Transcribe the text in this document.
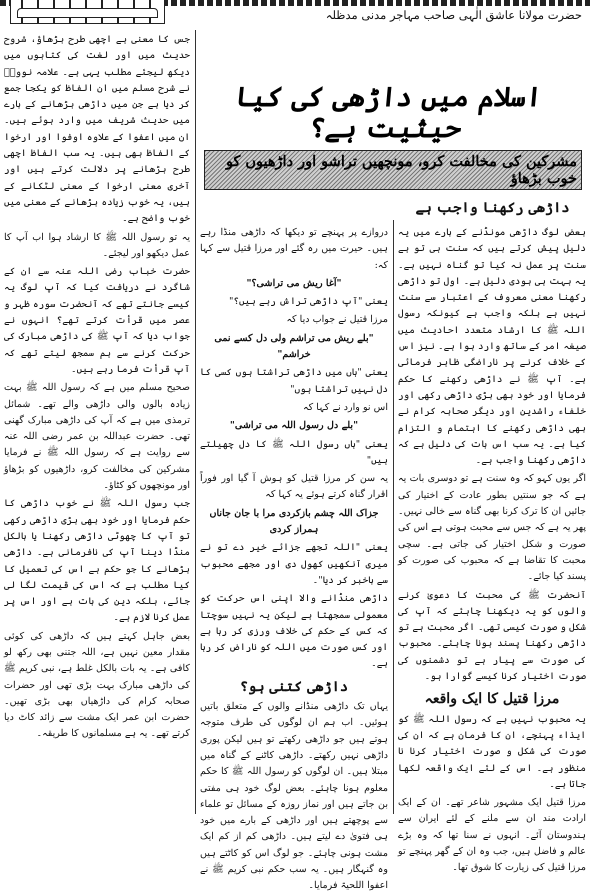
حضرت مولانا عاشق الٰہی صاحب مہاجر مدنی مدظلہ
اسلام میں داڑھی کی کیا حیثیت ہے؟
مشرکین کی مخالفت کرو، مونچھیں تراشو اور داڑھیوں کو خوب بڑھاؤ
داڑھی رکھنا واجب ہے

بعض لوگ داڑھی مونڈنے کے بارے میں یہ دلیل پیش کرتے ہیں کہ سنت ہی تو ہے سنت پر عمل نہ کیا تو گناہ نہیں ہے۔ یہ بہت ہی بودی دلیل ہے۔ اول تو داڑھی رکھنا معنی معروف کے اعتبار سے سنت نہیں ہے بلکہ واجب ہے کیونکہ رسول اللہ ﷺ کا ارشاد متعدد احادیث میں صیغہ امر کے ساتھ وارد ہوا ہے۔ نیز اس کے خلاف کرنے پر ناراضگی ظاہر فرمائی ہے۔ آپ ﷺ نے داڑھی رکھنے کا حکم فرمایا اور خود بھی بڑی داڑھی رکھی اور خلفاء راشدین اور دیگر صحابہ کرام نے بھی داڑھی رکھنے کا اہتمام و التزام کیا ہے۔ یہ سب اس بات کی دلیل ہے کہ داڑھی رکھنا واجب ہے۔

اگر یوں کہو کہ وہ سنت ہے تو دوسری بات یہ ہے کہ جو سنتیں بطور عادت کے اختیار کی جائیں ان کا ترک کرنا بھی گناہ سے خالی نہیں۔ پھر یہ ہے کہ جس سے محبت ہوتی ہے اس کی صورت و شکل اختیار کی جاتی ہے۔ سچی محبت کا تقاضا ہے کہ محبوب کی صورت کو پسند کیا جائے۔

آنحضرت ﷺ کی محبت کا دعویٰ کرنے والوں کو یہ دیکھنا چاہئے کہ آپ کی شکل و صورت کیسی تھی۔ اگر محبت ہے تو داڑھی رکھنا پسند ہونا چاہئے۔ محبوب کی صورت سے پیار ہے تو دشمنوں کی صورت اختیار کرنا کیسے گوارا ہو۔

مرزا قتیل کا ایک واقعہ

یہ محبوب نہیں ہے کہ رسول اللہ ﷺ کو ایذاء پہنچے، ان کا فرمان ہے کہ ان کی صورت کی شکل و صورت اختیار کرنا نا منظور ہے۔ اس کے لئے ایک واقعہ لکھا جاتا ہے۔

مرزا قتیل ایک مشہور شاعر تھے۔ ان کے ایک ارادت مند ان سے ملنے کے لئے ایران سے ہندوستان آئے۔ انہوں نے سنا تھا کہ وہ بڑے عالم و فاضل ہیں، جب وہ ان کے گھر پہنچے تو مرزا قتیل کی زیارت کا شوق تھا۔

دروازے پر پہنچے تو دیکھا کہ داڑھی منڈا رہے ہیں۔ حیرت میں رہ گئے اور مرزا قتیل سے کہا کہ:

"آغا ریش می تراشی؟"

یعنی "آپ داڑھی تراش رہے ہیں؟"

مرزا قتیل نے جواب دیا کہ

"بلے ریش می تراشم ولی دل کسے نمی خراشم"

یعنی "ہاں میں داڑھی تراشتا ہوں کسی کا دل نہیں تراشتا ہوں"

اس نو وارد نے کہا کہ

"بلے دل رسول اللہ می تراشی"

یعنی "ہاں رسول اللہ ﷺ کا دل چھیلتے ہیں"

یہ سن کر مرزا قتیل کو ہوش آ گیا اور فوراً اقرار گناہ کرتے ہوئے یہ کہا کہ

جزاک اللہ چشم بازکردی مرا با جان جاناں ہمراز کردی

یعنی "اللہ تجھے جزائے خیر دے تو نے میری آنکھیں کھول دی اور مجھے محبوب سے باخبر کر دیا"۔

داڑھی منڈانے والا اپنی اس حرکت کو معمولی سمجھتا ہے لیکن یہ نہیں سوچتا کہ کس کے حکم کی خلاف ورزی کر رہا ہے اور کس صورت میں اللہ کو ناراض کر رہا ہے۔

داڑھی کتنی ہو؟

یہاں تک داڑھی منڈانے والوں کے متعلق باتیں ہوئیں۔ اب ہم ان لوگوں کی طرف متوجہ ہوتے ہیں جو داڑھی رکھتے تو ہیں لیکن پوری داڑھی نہیں رکھتے۔ داڑھی کاٹنے کے گناہ میں مبتلا ہیں۔ ان لوگوں کو رسول اللہ ﷺ کا حکم معلوم ہونا چاہئے۔ بعض لوگ خود ہی مفتی بن جاتے ہیں اور نماز روزہ کے مسائل تو علماء سے پوچھتے ہیں اور داڑھی کے بارے میں خود ہی فتویٰ دے لیتے ہیں۔ داڑھی کم از کم ایک مشت ہونی چاہئے۔ جو لوگ اس کو کاٹتے ہیں وہ گنہگار ہیں۔ یہ سب حکم نبی کریم ﷺ نے اعفوا اللحیۃ فرمایا۔

جس کا معنی ہے اچھی طرح بڑھاؤ، شروح حدیث میں اور لغت کی کتابوں میں دیکھ لیجئے مطلب یہی ہے۔ علامہ نوویؒ نے شرح مسلم میں ان الفاظ کو یکجا جمع کر دیا ہے جن میں داڑھی بڑھانے کے بارے میں حدیث شریف میں وارد ہوئے ہیں۔ ان میں اعفوا کے علاوہ اوفوا اور ارخوا کے الفاظ بھی ہیں۔ یہ سب الفاظ اچھی طرح بڑھانے پر دلالت کرتے ہیں اور آخری معنی ارخوا کے معنی لٹکانے کے ہیں، یہ خوب زیادہ بڑھانے کے معنی میں خوب واضح ہے۔

یہ تو رسول اللہ ﷺ کا ارشاد ہوا اب آپ کا عمل دیکھو اور لیجئے۔

حضرت خباب رضی اللہ عنہ سے ان کے شاگرد نے دریافت کیا کہ آپ لوگ یہ کیسے جانتے تھے کہ آنحضرت سورہ ظہر و عصر میں قرأت کرتے تھے؟ انہوں نے جواب دیا کہ آپ ﷺ کی داڑھی مبارک کی حرکت کرنے سے ہم سمجھ لیتے تھے کہ آپ قرأت فرما رہے ہیں۔

صحیح مسلم میں ہے کہ رسول اللہ ﷺ بہت زیادہ بالوں والی داڑھی والے تھے۔ شمائل ترمذی میں ہے کہ آپ کی داڑھی مبارک گھنی تھی۔ حضرت عبداللہ بن عمر رضی اللہ عنہ سے روایت ہے کہ رسول اللہ ﷺ نے فرمایا مشرکین کی مخالفت کرو، داڑھیوں کو بڑھاؤ اور مونچھوں کو کٹاؤ۔

جب رسول اللہ ﷺ نے خوب داڑھی کا حکم فرمایا اور خود بھی بڑی داڑھی رکھی تو آپ کا چھوٹی داڑھی رکھنا یا بالکل منڈا دینا آپ کی نافرمانی ہے۔ داڑھی بڑھانے کا جو حکم ہے اس کی تعمیل کا کیا مطلب ہے کہ اس کی قیمت لگا لی جائے، بلکہ دین کی بات ہے اور اس پر عمل کرنا لازم ہے۔

بعض جاہل کہتے ہیں کہ داڑھی کی کوئی مقدار معین نہیں ہے، اللہ جتنی بھی رکھ لو کافی ہے۔ یہ بات بالکل غلط ہے، نبی کریم ﷺ کی داڑھی مبارک بہت بڑی تھی اور حضرات صحابہ کرام کی داڑھیاں بھی بڑی تھیں۔ حضرت ابن عمر ایک مشت سے زائد کاٹ دیا کرتے تھے۔ یہ ہے مسلمانوں کا طریقہ۔
